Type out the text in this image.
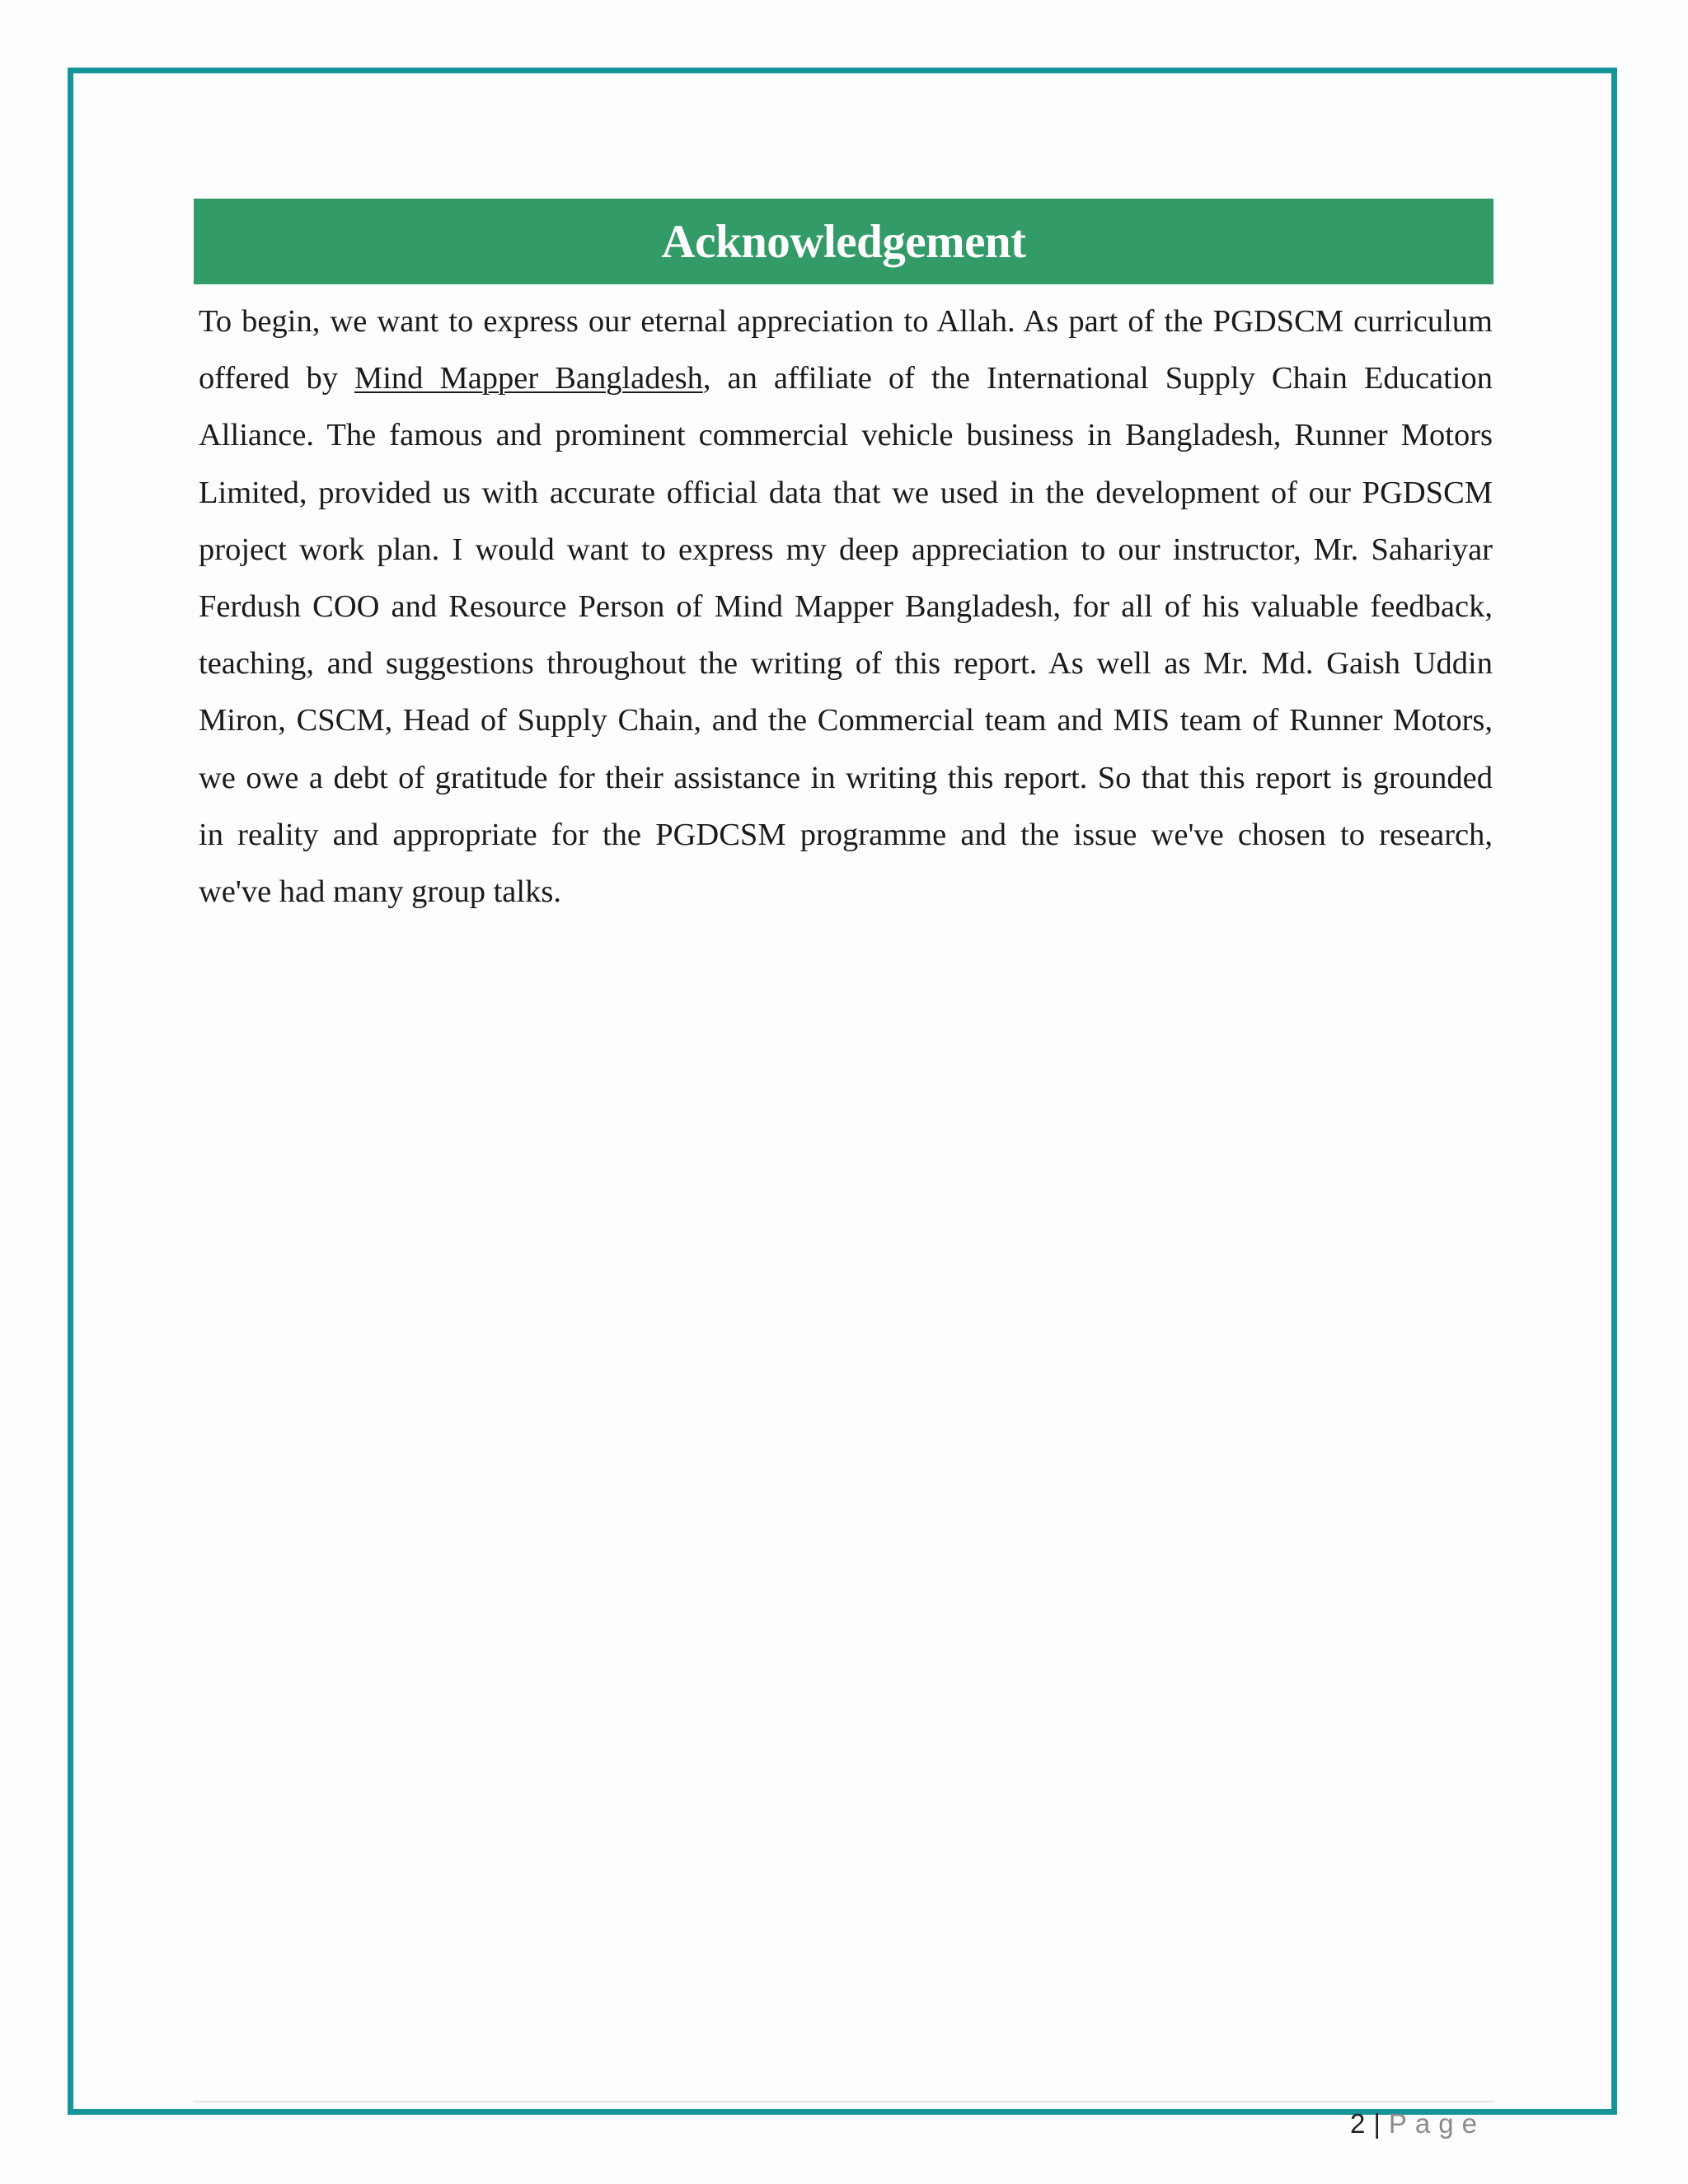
Acknowledgement

To begin, we want to express our eternal appreciation to Allah. As part of the PGDSCM curriculum
offered by Mind Mapper Bangladesh, an affiliate of the International Supply Chain Education
Alliance. The famous and prominent commercial vehicle business in Bangladesh, Runner Motors
Limited, provided us with accurate official data that we used in the development of our PGDSCM
project work plan. I would want to express my deep appreciation to our instructor, Mr. Sahariyar
Ferdush COO and Resource Person of Mind Mapper Bangladesh, for all of his valuable feedback,
teaching, and suggestions throughout the writing of this report. As well as Mr. Md. Gaish Uddin
Miron, CSCM, Head of Supply Chain, and the Commercial team and MIS team of Runner Motors,
we owe a debt of gratitude for their assistance in writing this report. So that this report is grounded
in reality and appropriate for the PGDCSM programme and the issue we've chosen to research,
we've had many group talks.

2 | Page
